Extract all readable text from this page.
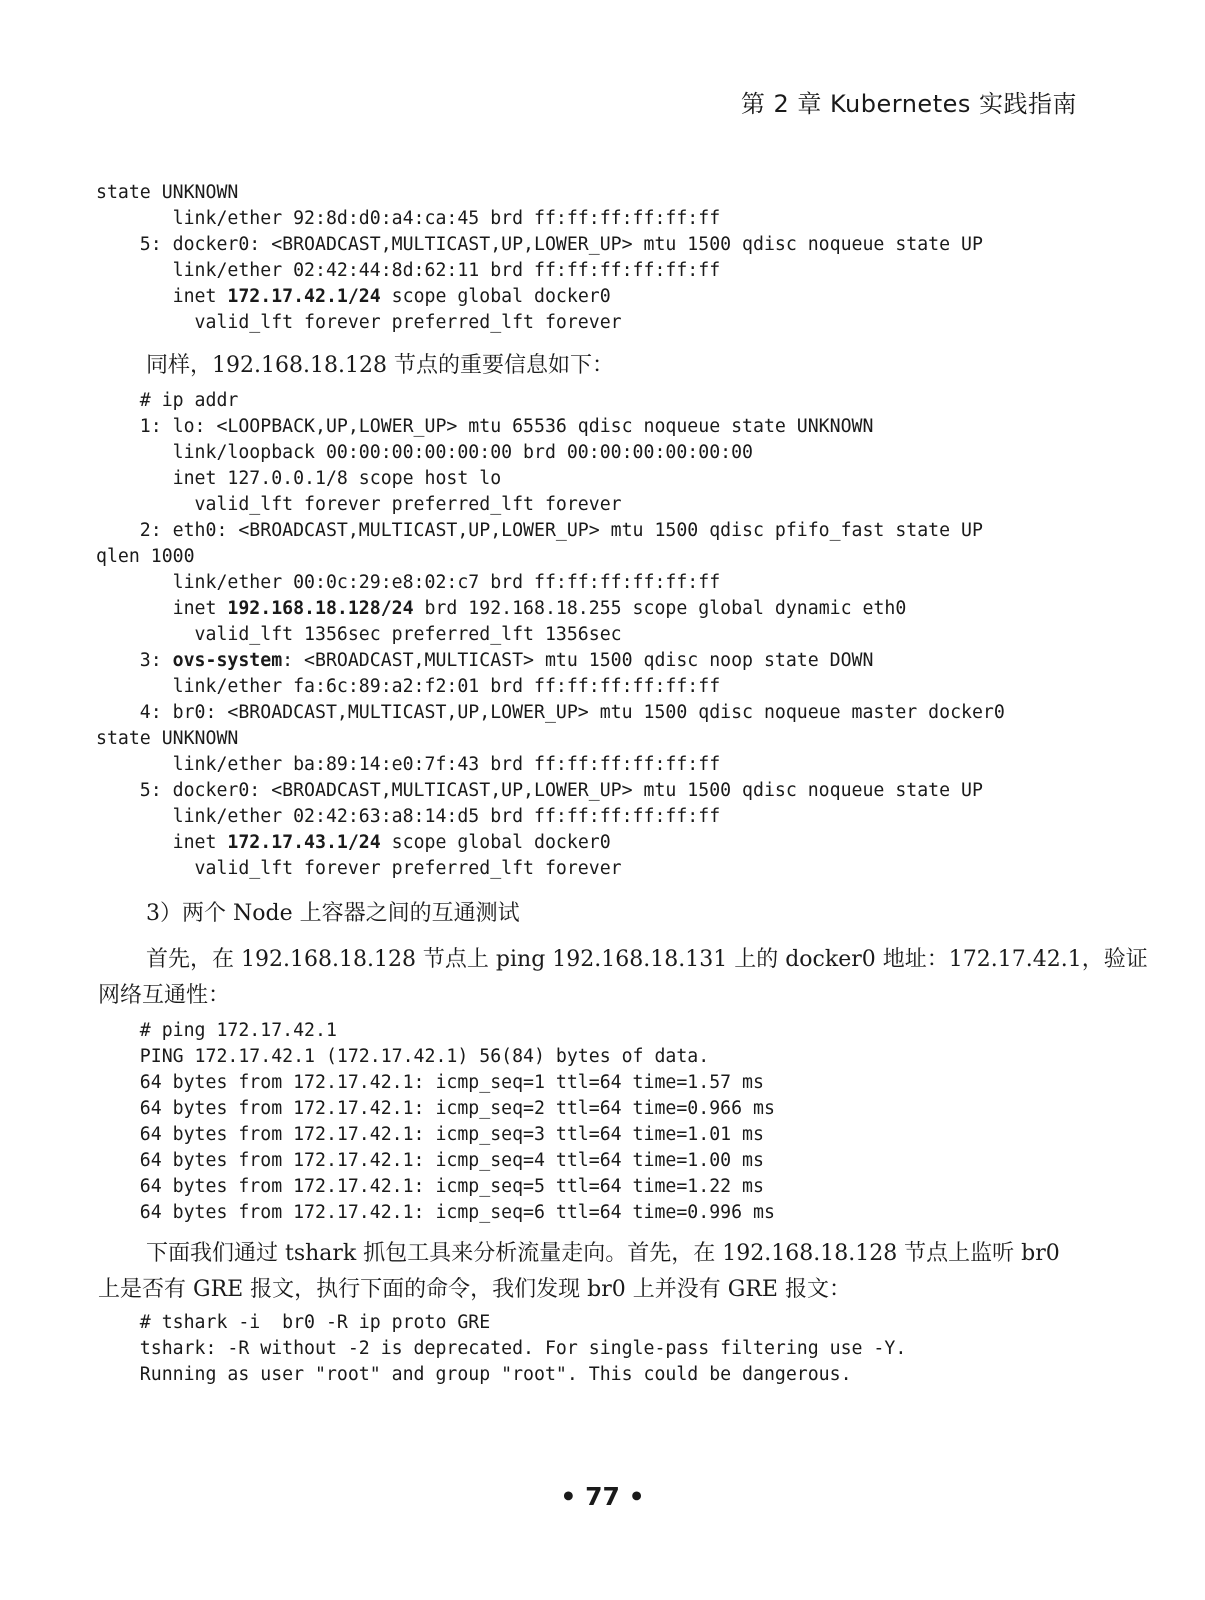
第 2 章 Kubernetes 实践指南
state UNKNOWN
link/ether 92:8d:d0:a4:ca:45 brd ff:ff:ff:ff:ff:ff
5: docker0: <BROADCAST,MULTICAST,UP,LOWER_UP> mtu 1500 qdisc noqueue state UP
link/ether 02:42:44:8d:62:11 brd ff:ff:ff:ff:ff:ff
inet 172.17.42.1/24 scope global docker0
valid_lft forever preferred_lft forever

同样，192.168.18.128 节点的重要信息如下：

# ip addr
1: lo: <LOOPBACK,UP,LOWER_UP> mtu 65536 qdisc noqueue state UNKNOWN
link/loopback 00:00:00:00:00:00 brd 00:00:00:00:00:00
inet 127.0.0.1/8 scope host lo
valid_lft forever preferred_lft forever
2: eth0: <BROADCAST,MULTICAST,UP,LOWER_UP> mtu 1500 qdisc pfifo_fast state UP
qlen 1000
link/ether 00:0c:29:e8:02:c7 brd ff:ff:ff:ff:ff:ff
inet 192.168.18.128/24 brd 192.168.18.255 scope global dynamic eth0
valid_lft 1356sec preferred_lft 1356sec
3: ovs-system: <BROADCAST,MULTICAST> mtu 1500 qdisc noop state DOWN
link/ether fa:6c:89:a2:f2:01 brd ff:ff:ff:ff:ff:ff
4: br0: <BROADCAST,MULTICAST,UP,LOWER_UP> mtu 1500 qdisc noqueue master docker0
state UNKNOWN
link/ether ba:89:14:e0:7f:43 brd ff:ff:ff:ff:ff:ff
5: docker0: <BROADCAST,MULTICAST,UP,LOWER_UP> mtu 1500 qdisc noqueue state UP
link/ether 02:42:63:a8:14:d5 brd ff:ff:ff:ff:ff:ff
inet 172.17.43.1/24 scope global docker0
valid_lft forever preferred_lft forever

3）两个 Node 上容器之间的互通测试

首先，在 192.168.18.128 节点上 ping 192.168.18.131 上的 docker0 地址：172.17.42.1，验证

网络互通性：

# ping 172.17.42.1
PING 172.17.42.1 (172.17.42.1) 56(84) bytes of data.
64 bytes from 172.17.42.1: icmp_seq=1 ttl=64 time=1.57 ms
64 bytes from 172.17.42.1: icmp_seq=2 ttl=64 time=0.966 ms
64 bytes from 172.17.42.1: icmp_seq=3 ttl=64 time=1.01 ms
64 bytes from 172.17.42.1: icmp_seq=4 ttl=64 time=1.00 ms
64 bytes from 172.17.42.1: icmp_seq=5 ttl=64 time=1.22 ms
64 bytes from 172.17.42.1: icmp_seq=6 ttl=64 time=0.996 ms

下面我们通过 tshark 抓包工具来分析流量走向。首先，在 192.168.18.128 节点上监听 br0

上是否有 GRE 报文，执行下面的命令，我们发现 br0 上并没有 GRE 报文：

# tshark -i  br0 -R ip proto GRE
tshark: -R without -2 is deprecated. For single-pass filtering use -Y.
Running as user "root" and group "root". This could be dangerous.
• 77 •
